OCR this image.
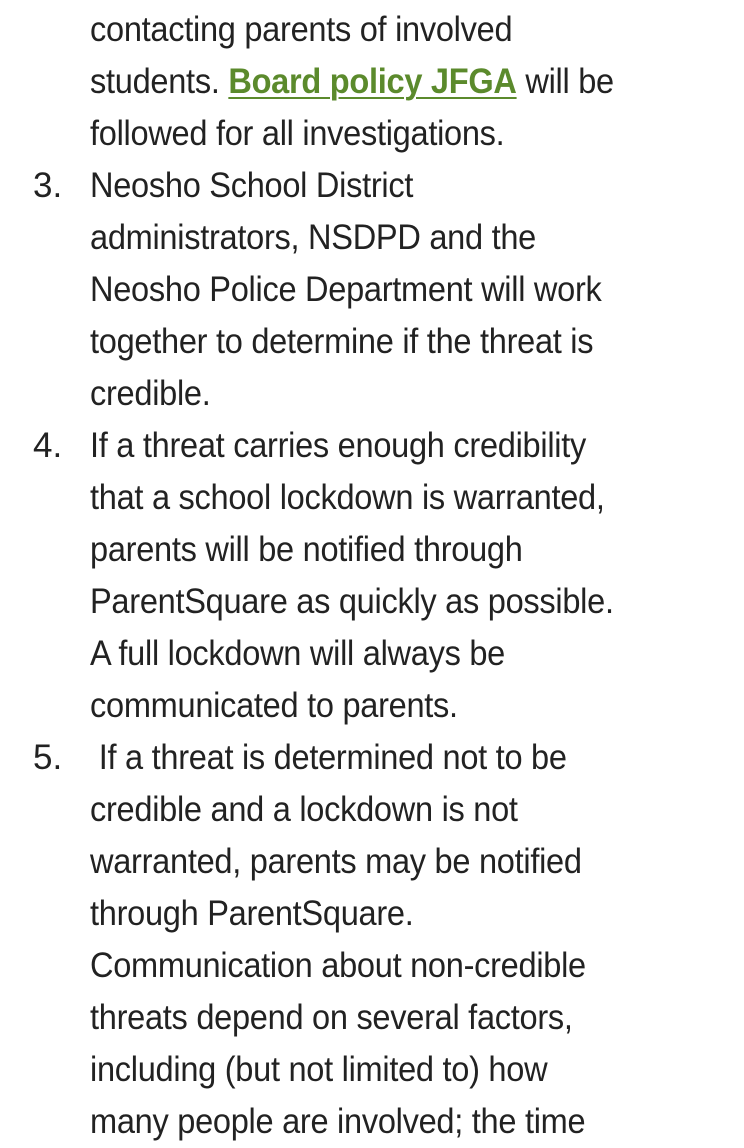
contacting parents of involved
students. Board policy JFGA will be
followed for all investigations.
3. Neosho School District
administrators, NSDPD and the
Neosho Police Department will work
together to determine if the threat is
credible.
4. If a threat carries enough credibility
that a school lockdown is warranted,
parents will be notified through
ParentSquare as quickly as possible.
A full lockdown will always be
communicated to parents.
5. If a threat is determined not to be
credible and a lockdown is not
warranted, parents may be notified
through ParentSquare.
Communication about non-credible
threats depend on several factors,
including (but not limited to) how
many people are involved; the time
